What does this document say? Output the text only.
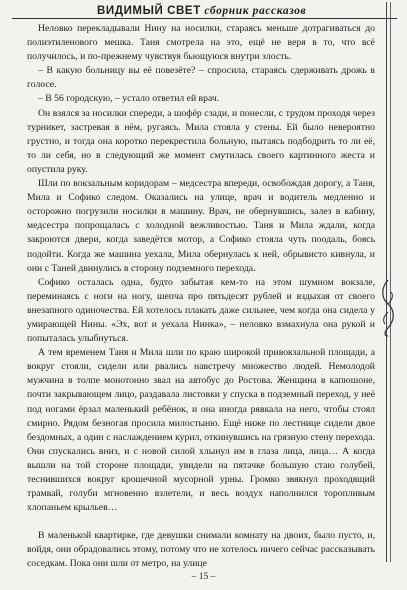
ВИДИМЫЙ СВЕТ сборник рассказов

Неловко перекладывали Нину на носилки, стараясь меньше дотрагиваться до полиэтиленового мешка. Таня смотрела на это, ещё не веря в то, что всё получилось, и по-прежнему чувствуя бьющуюся внутри злость.

– В какую больницу вы её повезёте? – спросила, стараясь сдерживать дрожь в голосе.

– В 56 городскую, – устало ответил ей врач.

Он взялся за носилки спереди, а шофёр сзади, и понесли, с трудом проходя через турникет, застревая в нём, ругаясь. Мила стояла у стены. Ей было невероятно грустно, и тогда она коротко перекрестила больную, пытаясь подбодрить то ли её, то ли себя, но в следующий же момент смутилась своего картинного жеста и опустила руку.

Шли по вокзальным коридорам – медсестра впереди, освобождая дорогу, а Таня, Мила и Софико следом. Оказались на улице, врач и водитель медленно и осторожно погрузили носилки в машину. Врач, не обернувшись, залез в кабину, медсестра попрощалась с холодной вежливостью. Таня и Мила ждали, когда закроются двери, когда заведётся мотор, а Софико стояла чуть поодаль, боясь подойти. Когда же машина уехала, Мила обернулась к ней, обрывисто кивнула, и они с Таней двинулись в сторону подземного перехода.

Софико осталась одна, будто забытая кем-то на этом шумном вокзале, переминаясь с ноги на ногу, шепча про пятьдесят рублей и вздыхая от своего внезапного одиночества. Ей хотелось плакать даже сильнее, чем когда она сидела у умирающей Нины. «Эх, вот и уехала Нинка», – неловко взмахнула она рукой и попыталась улыбнуться.

А тем временем Таня и Мила шли по краю широкой привокзальной площади, а вокруг стояли, сидели или рвались навстречу множество людей. Немолодой мужчина в толпе монотонно звал на автобус до Ростова. Женщина в капюшоне, почти закрывающем лицо, раздавала листовки у спуска в подземный переход, у неё под ногами ёрзал маленький ребёнок, и она иногда рявкала на него, чтобы стоял смирно. Рядом безногая просила милостыню. Ещё ниже по лестнице сидели двое бездомных, а один с наслаждением курил, откинувшись на грязную стену перехода. Они спускались вниз, и с новой силой хлынул им в глаза лица, лица… А когда вышли на той стороне площади, увидели на пятачке большую стаю голубей, теснившихся вокруг крошечной мусорной урны. Громко звякнул проходящий трамвай, голуби мгновенно взлетели, и весь воздух наполнился торопливым хлопаньем крыльев…

В маленькой квартирке, где девушки снимали комнату на двоих, было пусто, и, войдя, они обрадовались этому, потому что не хотелось ничего сейчас рассказывать соседкам. Пока они шли от метро, на улице

– 15 –
